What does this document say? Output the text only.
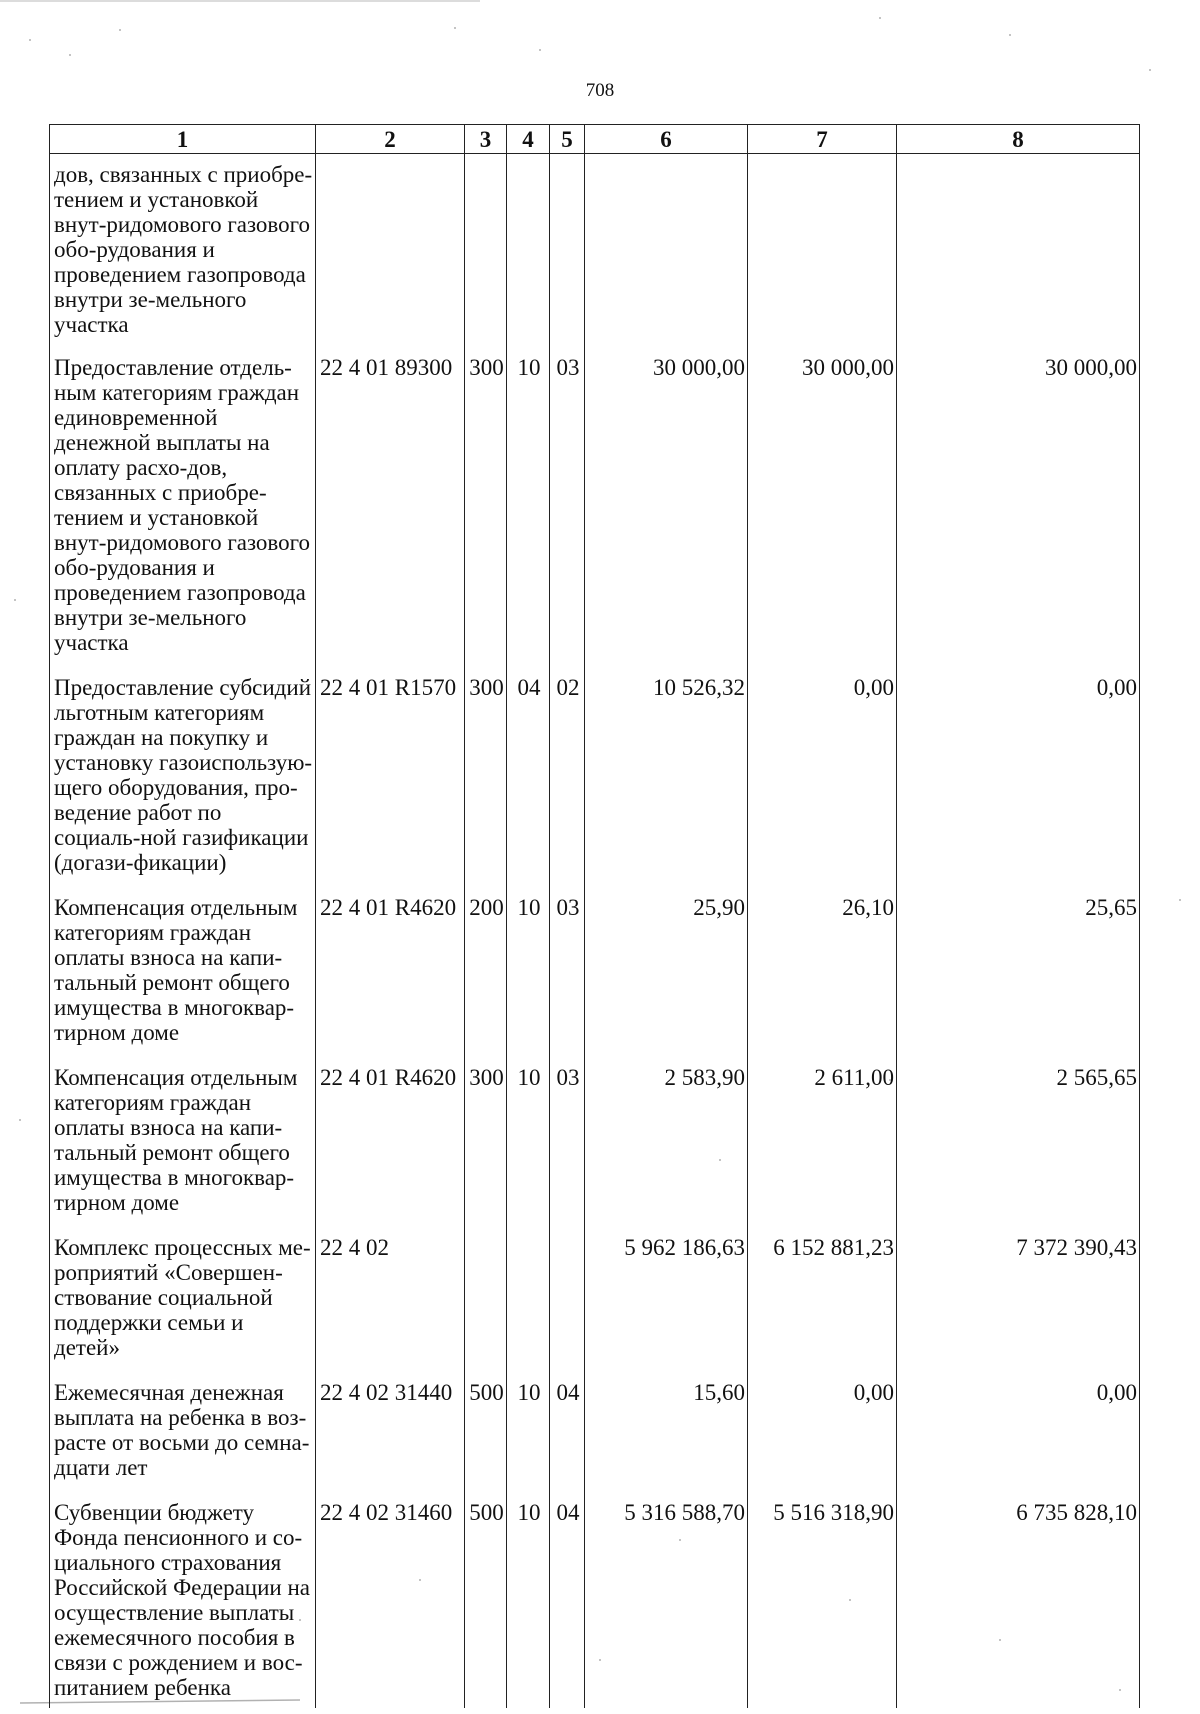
708
1	2	3	4	5	6	7	8
дов, связанных с приобре-тением и установкой внут-ридомового газового обо-рудования и проведением газопровода внутри зе-мельного участка							
Предоставление отдель-ным категориям граждан единовременной денежной выплаты на оплату расхо-дов, связанных с приобре-тением и установкой внут-ридомового газового обо-рудования и проведением газопровода внутри зе-мельного участка	22 4 01 89300	300	10	03	30 000,00	30 000,00	30 000,00
Предоставление субсидий льготным категориям граждан на покупку и установку газоиспользую-щего оборудования, про-ведение работ по социаль-ной газификации (догази-фикации)	22 4 01 R1570	300	04	02	10 526,32	0,00	0,00
Компенсация отдельным категориям граждан оплаты взноса на капи-тальный ремонт общего имущества в многоквар-тирном доме	22 4 01 R4620	200	10	03	25,90	26,10	25,65
Компенсация отдельным категориям граждан оплаты взноса на капи-тальный ремонт общего имущества в многоквар-тирном доме	22 4 01 R4620	300	10	03	2 583,90	2 611,00	2 565,65
Комплекс процессных ме-роприятий «Совершен-ствование социальной поддержки семьи и детей»	22 4 02				5 962 186,63	6 152 881,23	7 372 390,43
Ежемесячная денежная выплата на ребенка в воз-расте от восьми до семна-дцати лет	22 4 02 31440	500	10	04	15,60	0,00	0,00
Субвенции бюджету Фонда пенсионного и со-циального страхования Российской Федерации на осуществление выплаты ежемесячного пособия в связи с рождением и вос-питанием ребенка	22 4 02 31460	500	10	04	5 316 588,70	5 516 318,90	6 735 828,10
